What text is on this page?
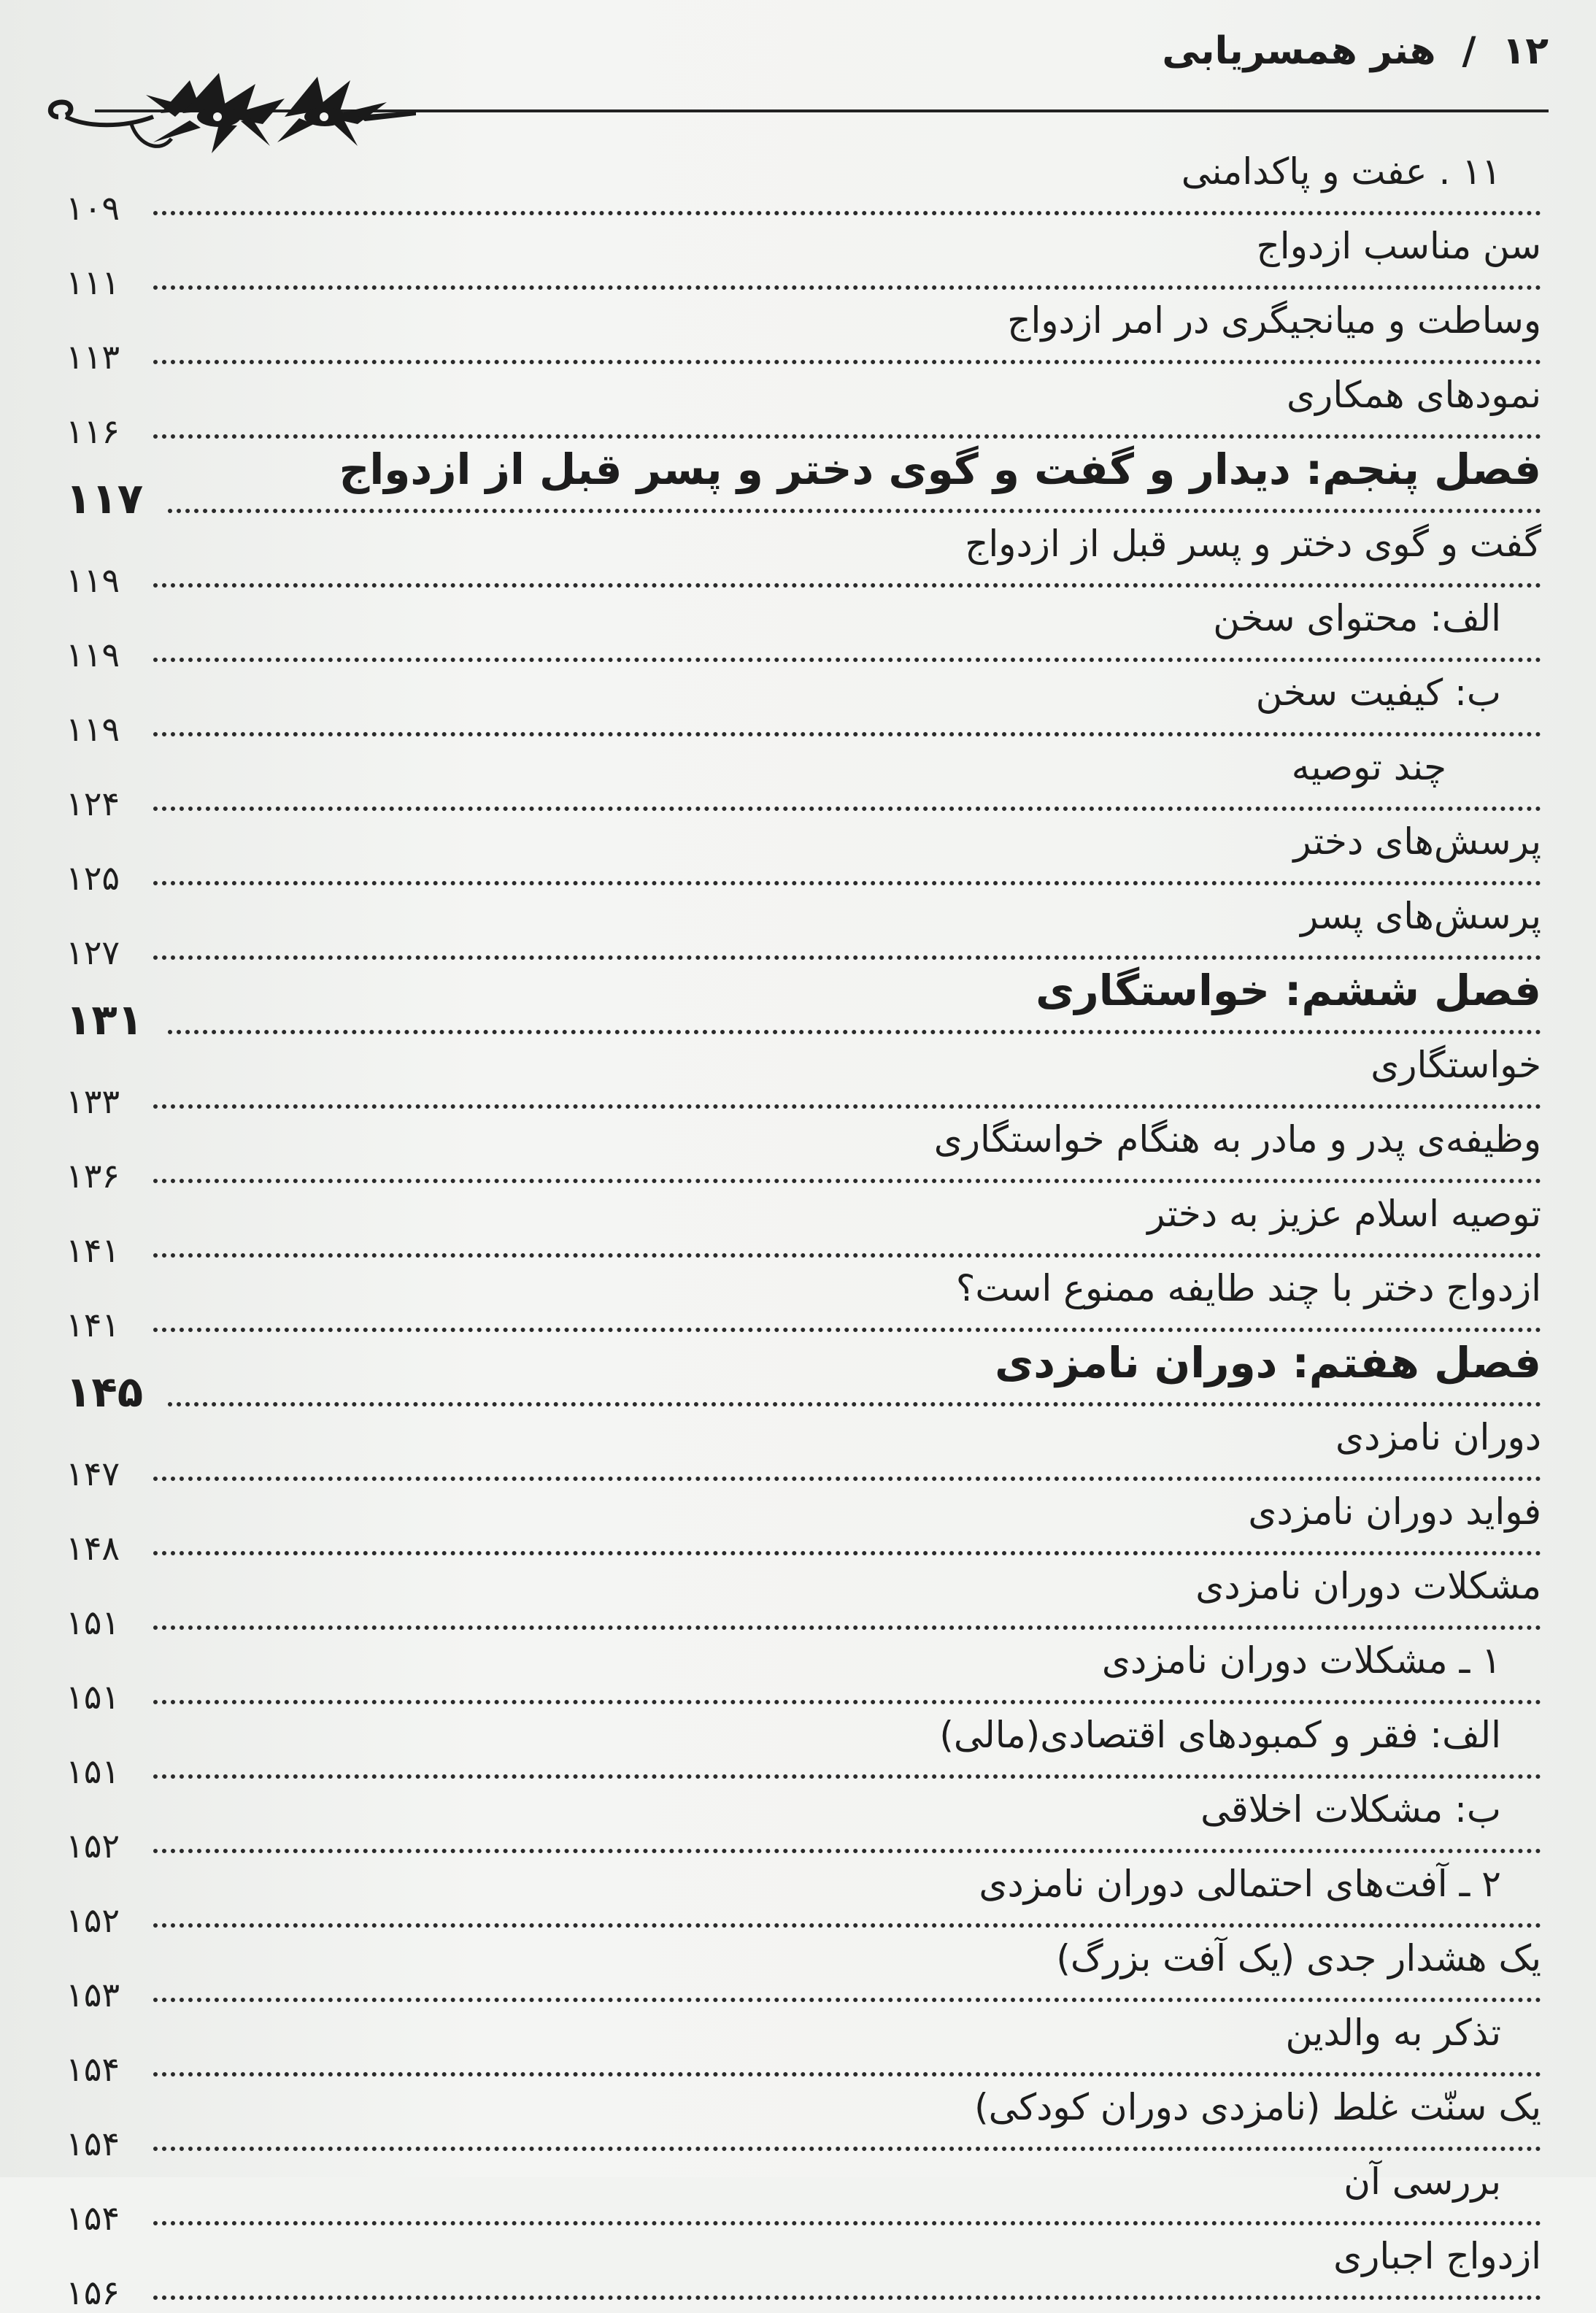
۱۲
/
هنر همسریابی
۱۱ . عفت و پاکدامنی
۱۰۹
سن مناسب ازدواج
۱۱۱
وساطت و میانجیگری در امر ازدواج
۱۱۳
نمودهای همکاری
۱۱۶
فصل پنجم: دیدار و گفت و گوی دختر و پسر قبل از ازدواج
۱۱۷
گفت و گوی دختر و پسر قبل از ازدواج
۱۱۹
الف: محتوای سخن
۱۱۹
ب: کیفیت سخن
۱۱۹
چند توصیه
۱۲۴
پرسش‌های دختر
۱۲۵
پرسش‌های پسر
۱۲۷
فصل ششم: خواستگاری
۱۳۱
خواستگاری
۱۳۳
وظیفه‌ی پدر و مادر به هنگام خواستگاری
۱۳۶
توصیه اسلام عزیز به دختر
۱۴۱
ازدواج دختر با چند طایفه ممنوع است؟
۱۴۱
فصل هفتم: دوران نامزدی
۱۴۵
دوران نامزدی
۱۴۷
فواید دوران نامزدی
۱۴۸
مشکلات دوران نامزدی
۱۵۱
۱ ـ مشکلات دوران نامزدی
۱۵۱
الف: فقر و کمبودهای اقتصادی(مالی)
۱۵۱
ب: مشکلات اخلاقی
۱۵۲
۲ ـ آفت‌های احتمالی دوران نامزدی
۱۵۲
یک هشدار جدی (یک آفت بزرگ)
۱۵۳
تذکر به والدین
۱۵۴
یک سنّت غلط (نامزدی دوران کودکی)
۱۵۴
بررسی آن
۱۵۴
ازدواج اجباری
۱۵۶
